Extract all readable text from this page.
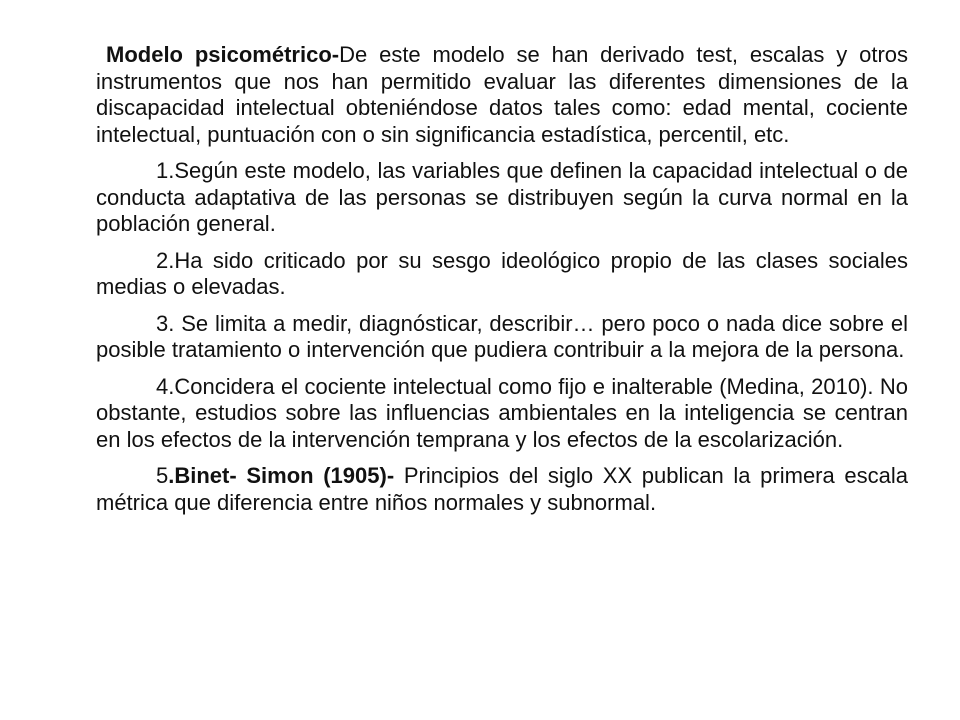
Modelo psicométrico-De este modelo se han derivado test, escalas y otros instrumentos que nos han permitido evaluar las diferentes dimensiones de la discapacidad intelectual obteniéndose datos tales como: edad mental, cociente intelectual, puntuación con o sin significancia estadística, percentil, etc.

1.Según este modelo, las variables que definen la capacidad intelectual o de conducta adaptativa de las personas se distribuyen según la curva normal en la población general.

2.Ha sido criticado por su sesgo ideológico propio de las clases sociales medias o elevadas.

3. Se limita a medir, diagnósticar, describir… pero poco o nada dice sobre el posible tratamiento o intervención que pudiera contribuir a la mejora de la persona.

4.Concidera el cociente intelectual como fijo e inalterable (Medina, 2010). No obstante, estudios sobre las influencias ambientales en la inteligencia se centran en los efectos de la intervención temprana y los efectos de la escolarización.

5.Binet- Simon (1905)- Principios del siglo XX publican la primera escala métrica que diferencia entre niños normales y subnormal.
